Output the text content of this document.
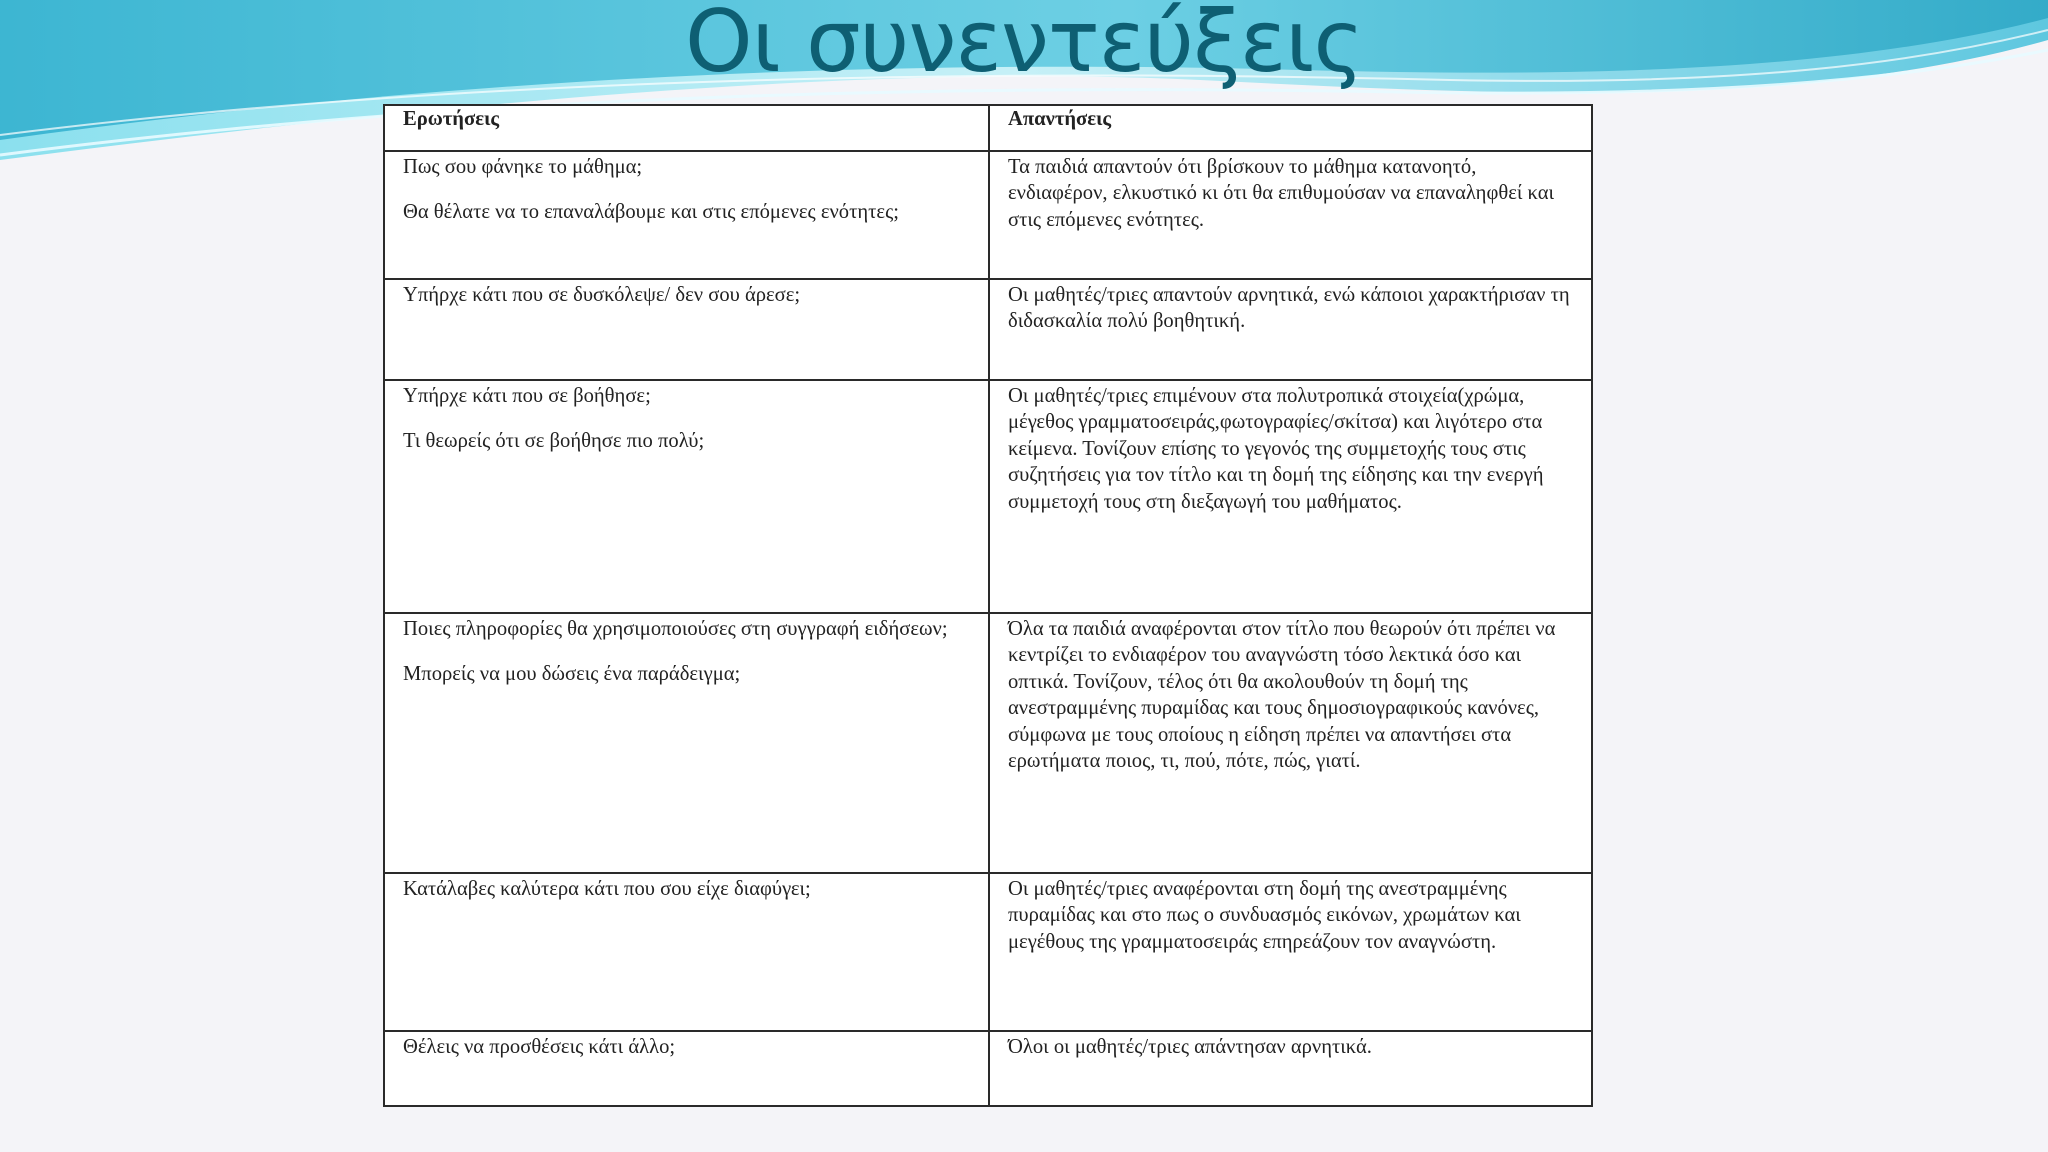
Οι συνεντεύξεις
Ερωτήσεις	Απαντήσεις

Πως σου φάνηκε το μάθημα;

Θα θέλατε να το επαναλάβουμε και στις επόμενες ενότητες;	Τα παιδιά απαντούν ότι βρίσκουν το μάθημα κατανοητό, ενδιαφέρον, ελκυστικό κι ότι θα επιθυμούσαν να επαναληφθεί και στις επόμενες ενότητες.

Υπήρχε κάτι που σε δυσκόλεψε/ δεν σου άρεσε;	Οι μαθητές/τριες απαντούν αρνητικά, ενώ κάποιοι χαρακτήρισαν τη διδασκαλία πολύ βοηθητική.

Υπήρχε κάτι που σε βοήθησε;

Τι θεωρείς ότι σε βοήθησε πιο πολύ;	Οι μαθητές/τριες επιμένουν στα πολυτροπικά στοιχεία(χρώμα, μέγεθος γραμματοσειράς,φωτογραφίες/σκίτσα) και λιγότερο στα κείμενα. Τονίζουν επίσης το γεγονός της συμμετοχής τους στις συζητήσεις για τον τίτλο και τη δομή της είδησης και την ενεργή συμμετοχή τους στη διεξαγωγή του μαθήματος.

Ποιες πληροφορίες θα χρησιμοποιούσες στη συγγραφή ειδήσεων;

Μπορείς να μου δώσεις ένα παράδειγμα;	Όλα τα παιδιά αναφέρονται στον τίτλο που θεωρούν ότι πρέπει να κεντρίζει το ενδιαφέρον του αναγνώστη τόσο λεκτικά όσο και οπτικά. Τονίζουν, τέλος ότι θα ακολουθούν τη δομή της ανεστραμμένης πυραμίδας και τους δημοσιογραφικούς κανόνες, σύμφωνα με τους οποίους η είδηση πρέπει να απαντήσει στα ερωτήματα ποιος, τι, πού, πότε, πώς, γιατί.

Κατάλαβες καλύτερα κάτι που σου είχε διαφύγει;	Οι μαθητές/τριες αναφέρονται στη δομή της ανεστραμμένης πυραμίδας και στο πως ο συνδυασμός εικόνων, χρωμάτων και μεγέθους της γραμματοσειράς επηρεάζουν τον αναγνώστη.

Θέλεις να προσθέσεις κάτι άλλο;	Όλοι οι μαθητές/τριες απάντησαν αρνητικά.
